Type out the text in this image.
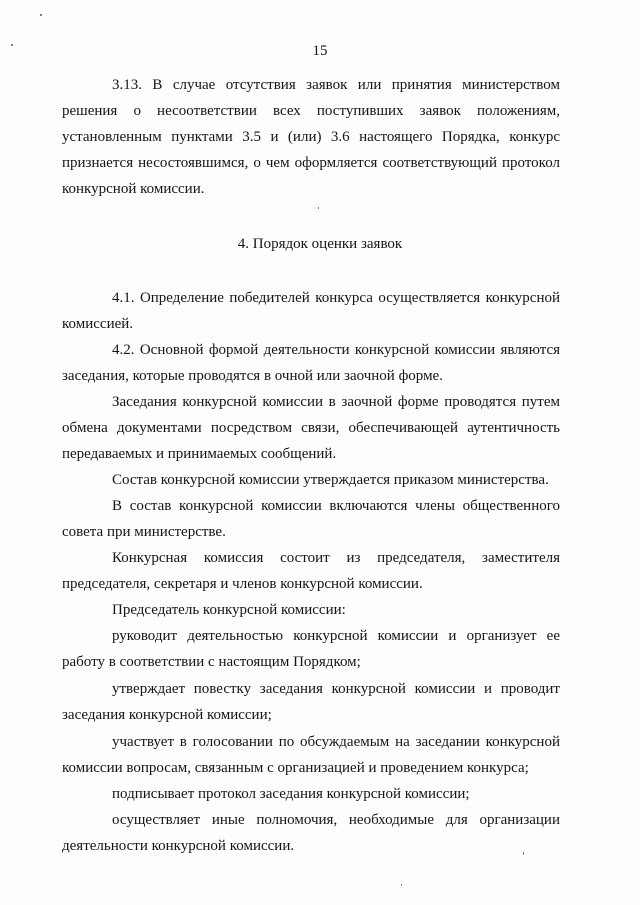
15

3.13. В случае отсутствия заявок или принятия министерством решения о несоответствии всех поступивших заявок положениям, установленным пунктами 3.5 и (или) 3.6 настоящего Порядка, конкурс признается несостоявшимся, о чем оформляется соответствующий протокол конкурсной комиссии.

4. Порядок оценки заявок

4.1. Определение победителей конкурса осуществляется конкурсной комиссией.

4.2. Основной формой деятельности конкурсной комиссии являются заседания, которые проводятся в очной или заочной форме.

Заседания конкурсной комиссии в заочной форме проводятся путем обмена документами посредством связи, обеспечивающей аутентичность передаваемых и принимаемых сообщений.

Состав конкурсной комиссии утверждается приказом министерства.

В состав конкурсной комиссии включаются члены общественного совета при министерстве.

Конкурсная комиссия состоит из председателя, заместителя председателя, секретаря и членов конкурсной комиссии.

Председатель конкурсной комиссии:

руководит деятельностью конкурсной комиссии и организует ее работу в соответствии с настоящим Порядком;

утверждает повестку заседания конкурсной комиссии и проводит заседания конкурсной комиссии;

участвует в голосовании по обсуждаемым на заседании конкурсной комиссии вопросам, связанным с организацией и проведением конкурса;

подписывает протокол заседания конкурсной комиссии;

осуществляет иные полномочия, необходимые для организации деятельности конкурсной комиссии.
